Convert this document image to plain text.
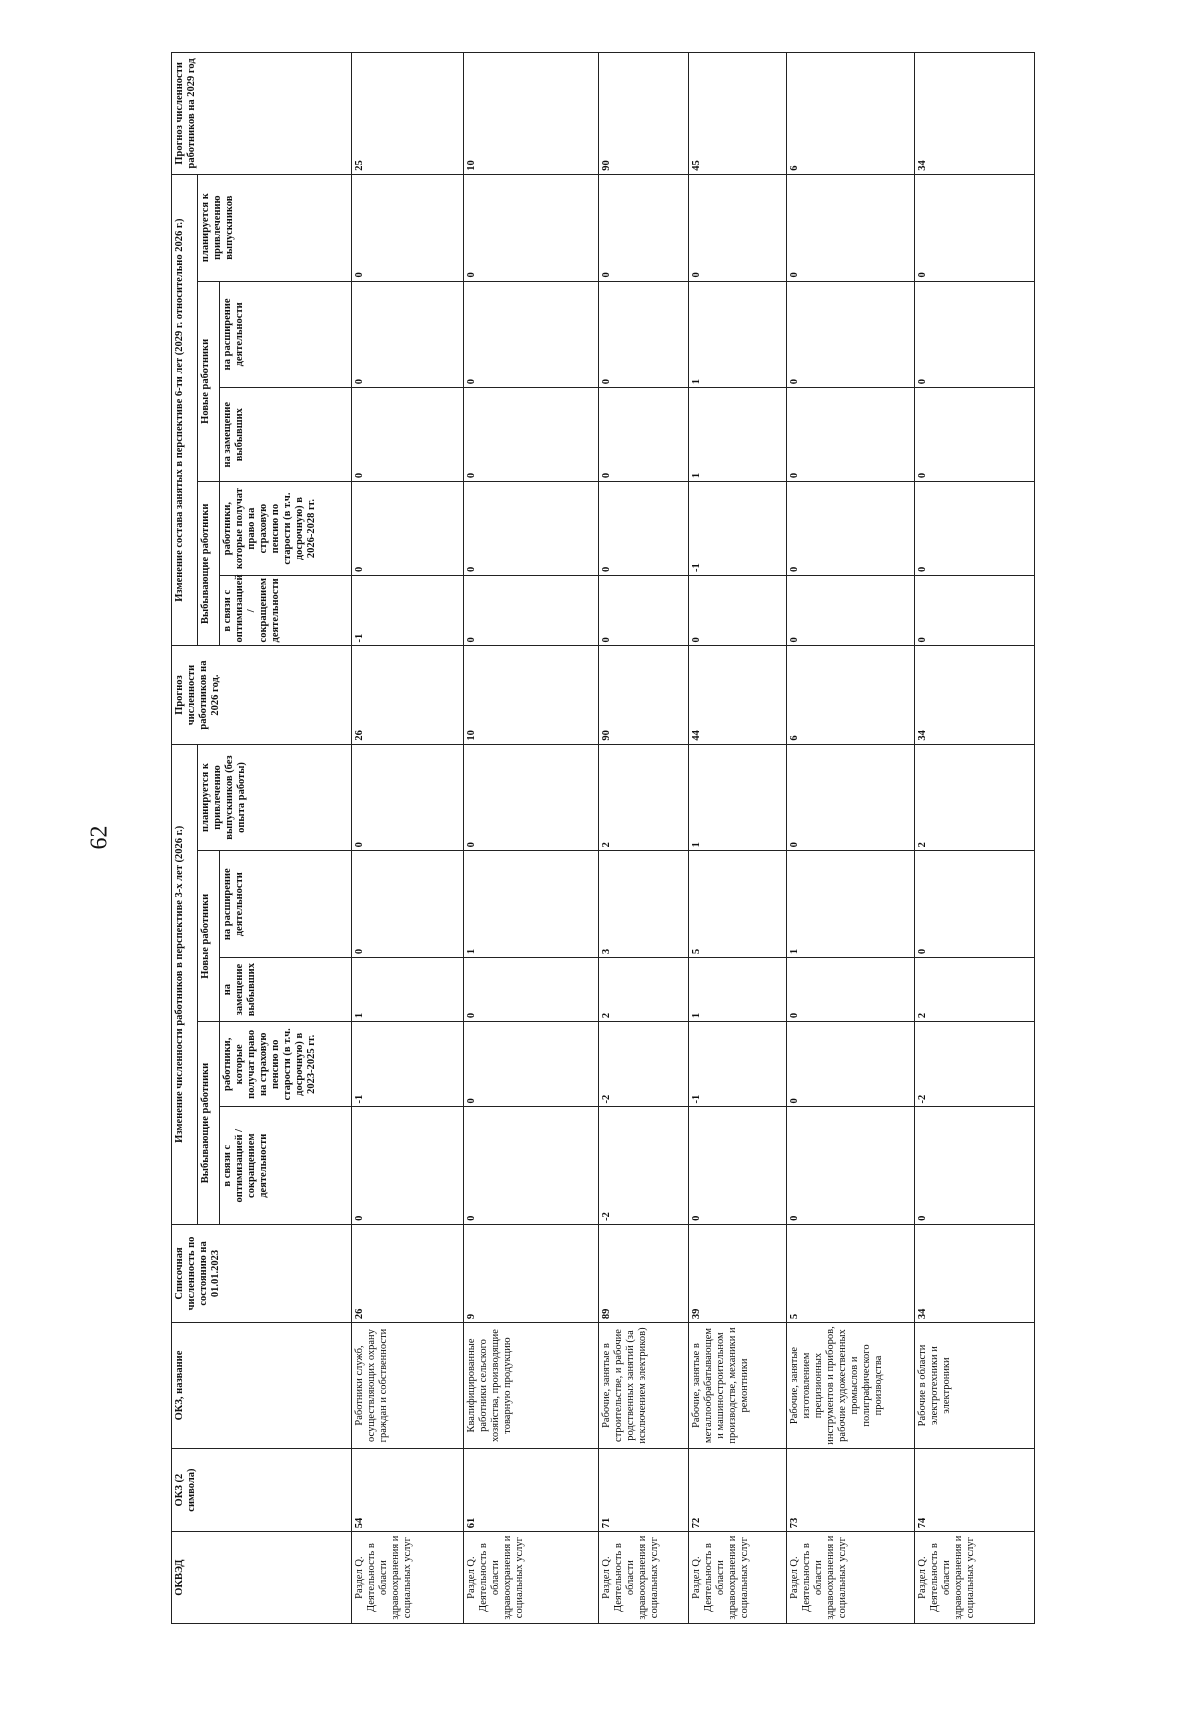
62
ОКВЭД	ОКЗ (2 символа)	ОКЗ, название	Списочная численность по состоянию на 01.01.2023	Изменение численности работников в перспективе 3-х лет (2026 г.)					Прогноз численности работников на 2026 год.	Изменение состава занятых в перспективе 6-ти лет (2029 г. относительно 2026 г.)					Прогноз численности работников на 2029 год
				Выбывающие работники		Новые работники		планируется к привлечению выпускников (без опыта работы)		Выбывающие работники		Новые работники		планируется к привлечению выпускников	
				в связи с оптимизацией / сокращением деятельности	работники, которые получат право на страховую пенсию по старости (в т.ч. досрочную) в 2023-2025 гг.	на замещение выбывших	на расширение деятельности			в связи с оптимизацией / сокращением деятельности	работники, которые получат право на страховую пенсию по старости (в т.ч. досрочную) в 2026-2028 гг.	на замещение выбывших	на расширение деятельности		
Раздел Q. Деятельность в области здравоохранения и социальных услуг	54	Работники служб, осуществляющих охрану граждан и собственности	26	0	-1	1	0	0	26	-1	0	0	0	0	25
Раздел Q. Деятельность в области здравоохранения и социальных услуг	61	Квалифицированные работники сельского хозяйства, производящие товарную продукцию	9	0	0	0	1	0	10	0	0	0	0	0	10
Раздел Q. Деятельность в области здравоохранения и социальных услуг	71	Рабочие, занятые в строительстве, и рабочие родственных занятий (за исключением электриков)	89	-2	-2	2	3	2	90	0	0	0	0	0	90
Раздел Q. Деятельность в области здравоохранения и социальных услуг	72	Рабочие, занятые в металлообрабатывающем и машиностроительном производстве, механики и ремонтники	39	0	-1	1	5	1	44	0	-1	1	1	0	45
Раздел Q. Деятельность в области здравоохранения и социальных услуг	73	Рабочие, занятые изготовлением прецизионных инструментов и приборов, рабочие художественных промыслов и полиграфического производства	5	0	0	0	1	0	6	0	0	0	0	0	6
Раздел Q. Деятельность в области здравоохранения и социальных услуг	74	Рабочие в области электротехники и электроники	34	0	-2	2	0	2	34	0	0	0	0	0	34
